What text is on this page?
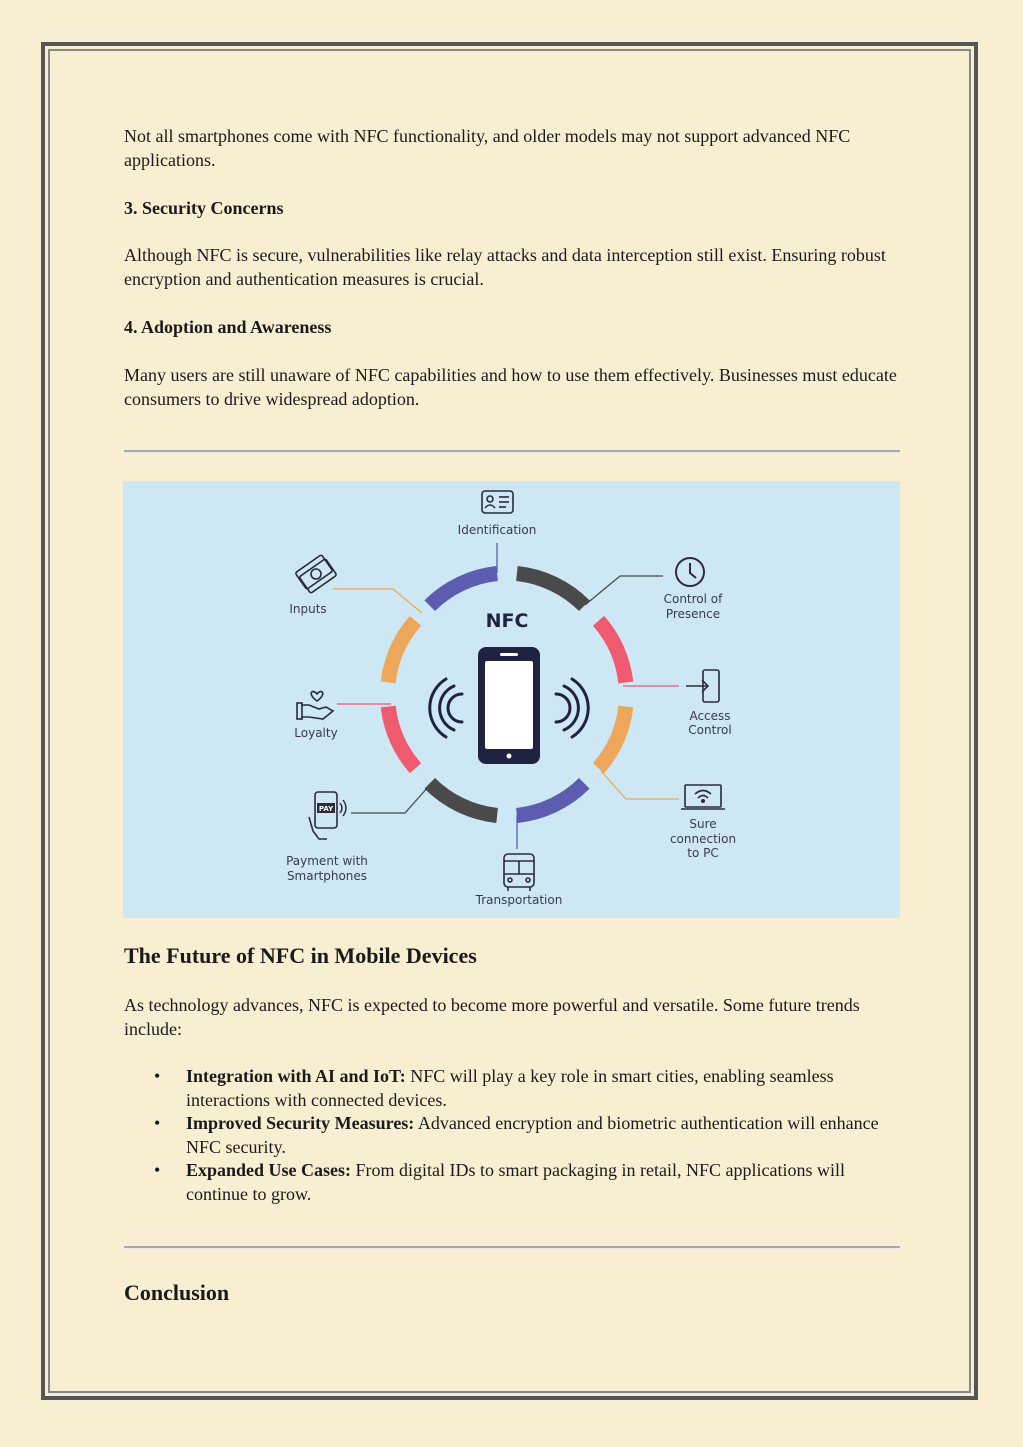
Not all smartphones come with NFC functionality, and older models may not support advanced NFC applications.

3. Security Concerns

Although NFC is secure, vulnerabilities like relay attacks and data interception still exist. Ensuring robust encryption and authentication measures is crucial.

4. Adoption and Awareness

Many users are still unaware of NFC capabilities and how to use them effectively. Businesses must educate consumers to drive widespread adoption.

NFC
Identification
Control of
Presence
Inputs
Access
Control
Loyalty
Sure
connection
to PC
PAY
Payment with
Smartphones
Transportation
The Future of NFC in Mobile Devices

As technology advances, NFC is expected to become more powerful and versatile. Some future trends include:

• Integration with AI and IoT: NFC will play a key role in smart cities, enabling seamless interactions with connected devices.
• Improved Security Measures: Advanced encryption and biometric authentication will enhance NFC security.
• Expanded Use Cases: From digital IDs to smart packaging in retail, NFC applications will continue to grow.
Conclusion
